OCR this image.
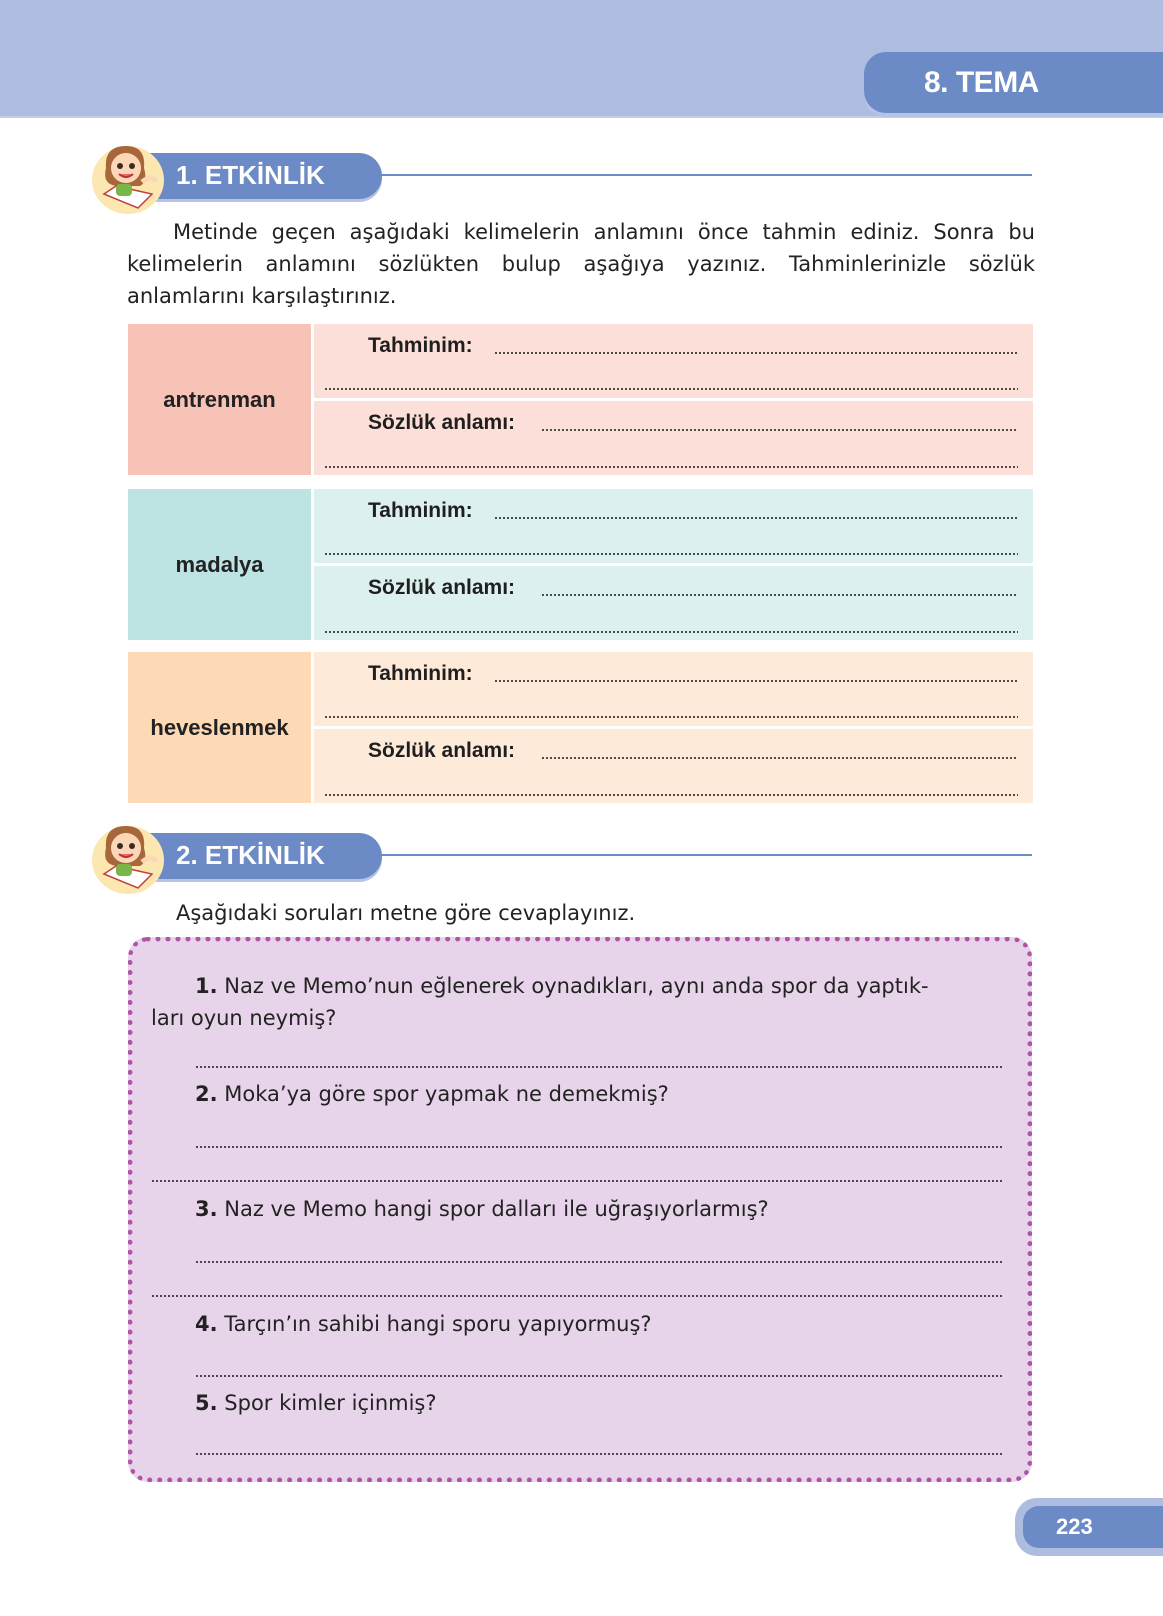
8. TEMA
1. ETKİNLİK
Metinde geçen aşağıdaki kelimelerin anlamını önce tahmin ediniz. Sonra bu kelimelerin anlamını sözlükten bulup aşağıya yazınız. Tahminlerinizle sözlük anlamlarını karşılaştırınız.
antrenman
Tahminim:
Sözlük anlamı:
madalya
Tahminim:
Sözlük anlamı:
heveslenmek
Tahminim:
Sözlük anlamı:
2. ETKİNLİK
Aşağıdaki soruları metne göre cevaplayınız.
1. Naz ve Memo’nun eğlenerek oynadıkları, aynı anda spor da yaptık-
ları oyun neymiş?
2. Moka’ya göre spor yapmak ne demekmiş?
3. Naz ve Memo hangi spor dalları ile uğraşıyorlarmış?
4. Tarçın’ın sahibi hangi sporu yapıyormuş?
5. Spor kimler içinmiş?
223
